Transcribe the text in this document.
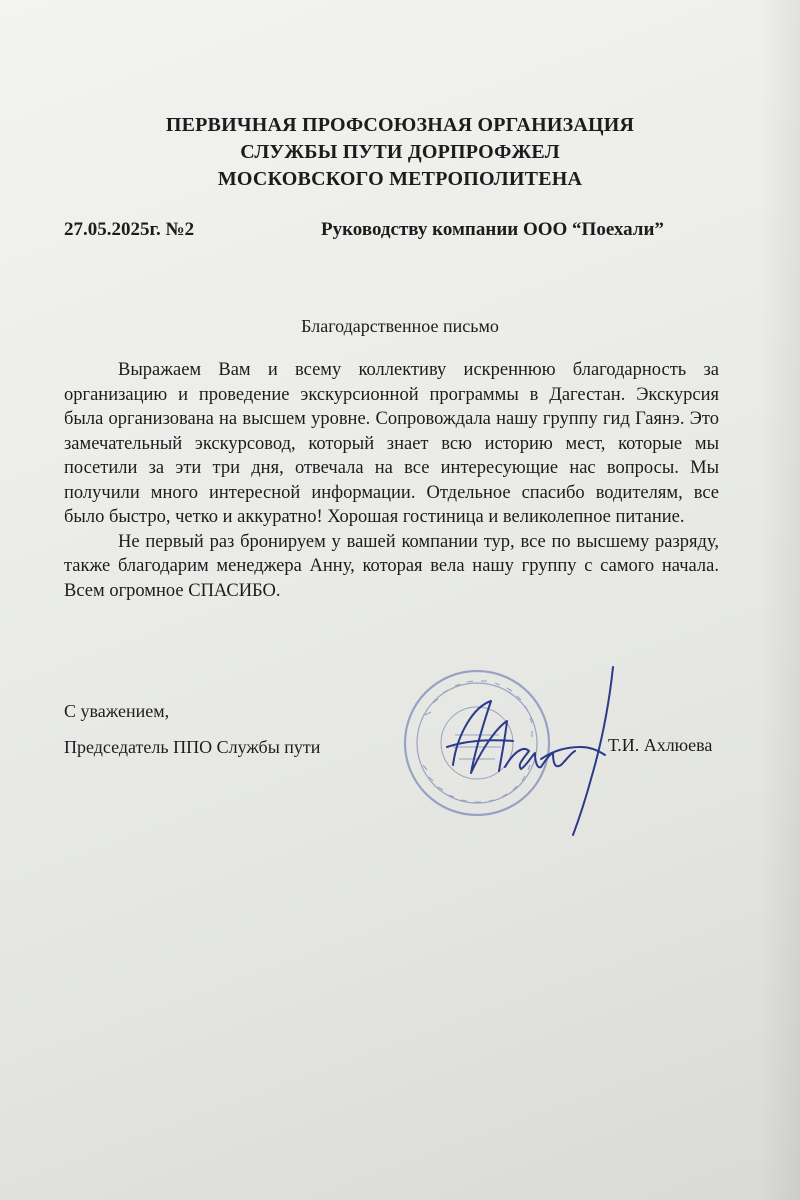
ПЕРВИЧНАЯ ПРОФСОЮЗНАЯ ОРГАНИЗАЦИЯ
СЛУЖБЫ ПУТИ ДОРПРОФЖЕЛ
МОСКОВСКОГО МЕТРОПОЛИТЕНА
27.05.2025г. №2	Руководству компании ООО “Поехали”
Благодарственное письмо

Выражаем Вам и всему коллективу искреннюю благодарность за организацию и проведение экскурсионной программы в Дагестан. Экскурсия была организована на высшем уровне. Сопровождала нашу группу гид Гаянэ. Это замечательный экскурсовод, который знает всю историю мест, которые мы посетили за эти три дня, отвечала на все интересующие нас вопросы. Мы получили много интересной информации. Отдельное спасибо водителям, все было быстро, четко и аккуратно! Хорошая гостиница и великолепное питание.

Не первый раз бронируем у вашей компании тур, все по высшему разряду, также благодарим менеджера Анну, которая вела нашу группу с самого начала. Всем огромное СПАСИБО.

С уважением,
Председатель ППО Службы пути	Т.И. Ахлюева
